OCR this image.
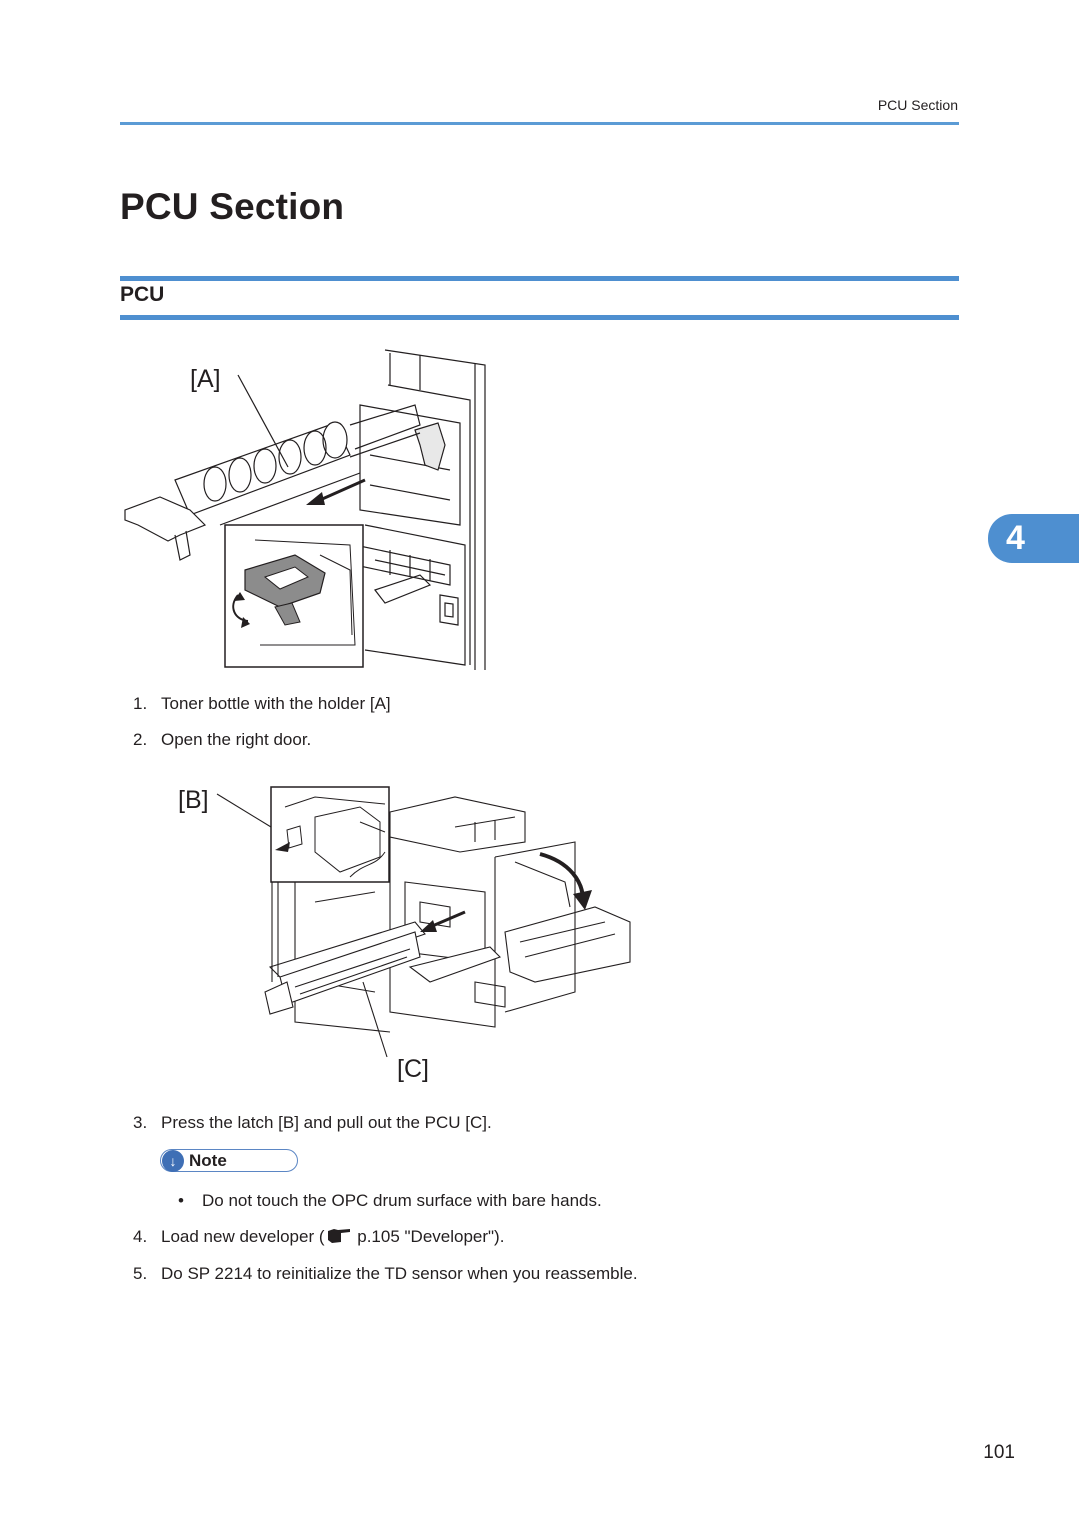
PCU Section
PCU Section
PCU
4
[A]
1. Toner bottle with the holder [A]
2. Open the right door.
[B]
[C]
3. Press the latch [B] and pull out the PCU [C].
↓ Note
• Do not touch the OPC drum surface with bare hands.
4. Load new developer ( p.105 "Developer").
5. Do SP 2214 to reinitialize the TD sensor when you reassemble.
101
